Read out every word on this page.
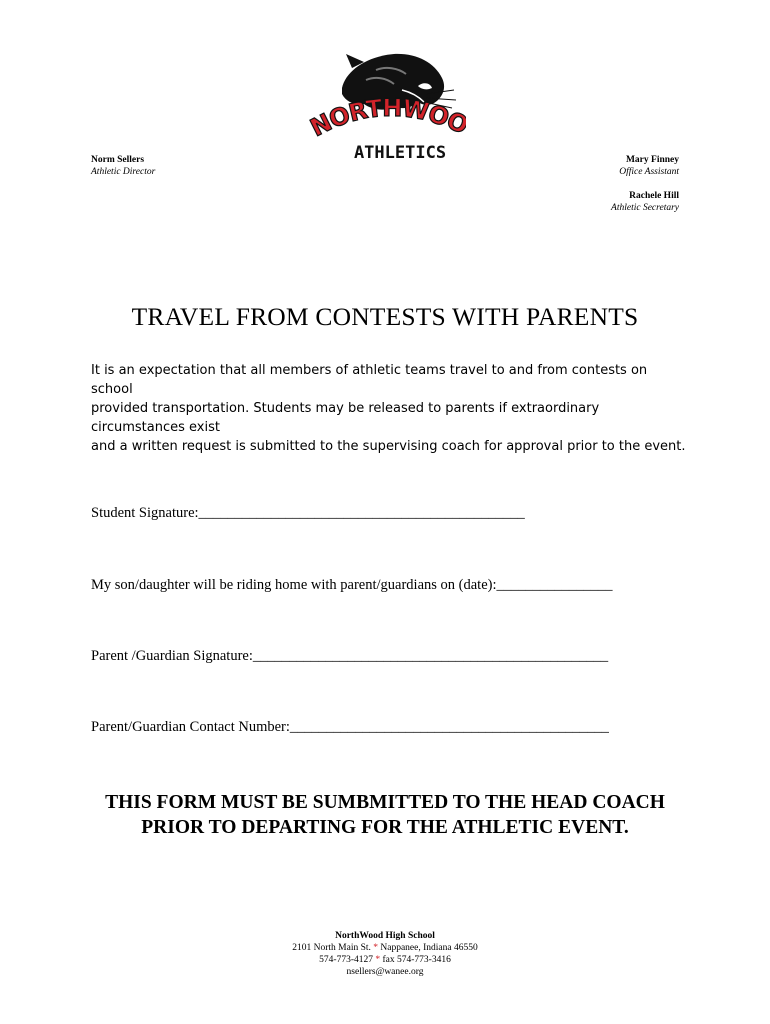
NORTHWO
ATHLETICS
Norm Sellers
Athletic Director
Mary Finney
Office Assistant
Rachele Hill
Athletic Secretary
TRAVEL FROM CONTESTS WITH PARENTS
It is an expectation that all members of athletic teams travel to and from contests on school
provided transportation. Students may be released to parents if extraordinary circumstances exist
and a written request is submitted to the supervising coach for approval prior to the event.
Student Signature:_____________________________________________
My son/daughter will be riding home with parent/guardians on (date):________________
Parent /Guardian Signature:_________________________________________________
Parent/Guardian Contact Number:____________________________________________
THIS FORM MUST BE SUMBMITTED TO THE HEAD COACH
PRIOR TO DEPARTING FOR THE ATHLETIC EVENT.
NorthWood High School
2101 North Main St. * Nappanee, Indiana 46550
574-773-4127 * fax 574-773-3416
nsellers@wanee.org
